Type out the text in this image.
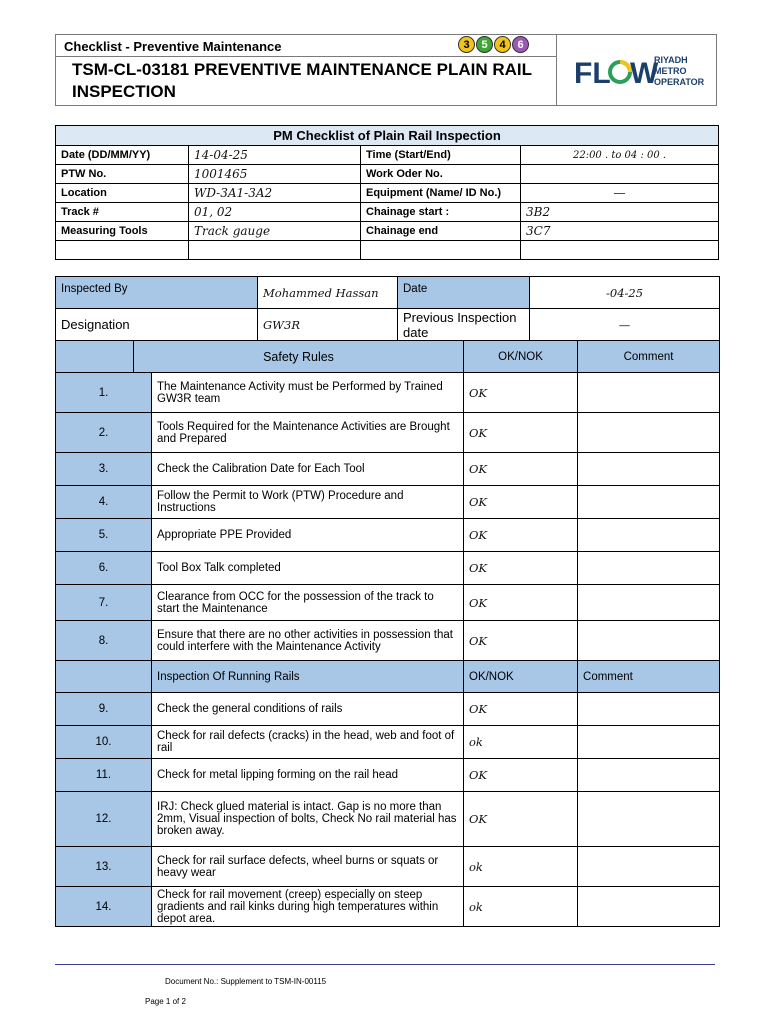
Checklist - Preventive Maintenance	3	5	4	6
TSM-CL-03181 PREVENTIVE MAINTENANCE PLAIN RAIL INSPECTION
FL W
RIYADH
METRO
OPERATOR
PM Checklist of Plain Rail Inspection			
Date (DD/MM/YY)	14-04-25	Time (Start/End)	22:00 . to 04 : 00 .
PTW No.	1001465	Work Oder No.	
Location	WD-3A1-3A2	Equipment (Name/ ID No.)	—
Track #	01, 02	Chainage start :	3B2
Measuring Tools	Track gauge	Chainage end	3C7

Inspected By			Mohammed Hassan	Date		-04-25	
Designation			GW3R	Previous Inspection date		—	
	Safety Rules				OK/NOK		Comment
1.		The Maintenance Activity must be Performed by Trained GW3R team			OK		
2.		Tools Required for the Maintenance Activities are Brought and Prepared			OK		
3.		Check the Calibration Date for Each Tool			OK		
4.		Follow the Permit to Work (PTW) Procedure and Instructions			OK		
5.		Appropriate PPE Provided			OK		
6.		Tool Box Talk completed			OK		
7.		Clearance from OCC for the possession of the track to start the Maintenance			OK		
8.		Ensure that there are no other activities in possession that could interfere with the Maintenance Activity			OK		
		Inspection Of Running Rails			OK/NOK		Comment
9.		Check the general conditions of rails			OK		
10.		Check for rail defects (cracks) in the head, web and foot of rail			ok		
11.		Check for metal lipping forming on the rail head			OK		
12.		IRJ: Check glued material is intact. Gap is no more than 2mm, Visual inspection of bolts, Check No rail material has broken away.			OK		
13.		Check for rail surface defects, wheel burns or squats or heavy wear			ok		
14.		Check for rail movement (creep) especially on steep gradients and rail kinks during high temperatures within depot area.			ok		
Document No.: Supplement to TSM-IN-00115
Page 1 of 2
